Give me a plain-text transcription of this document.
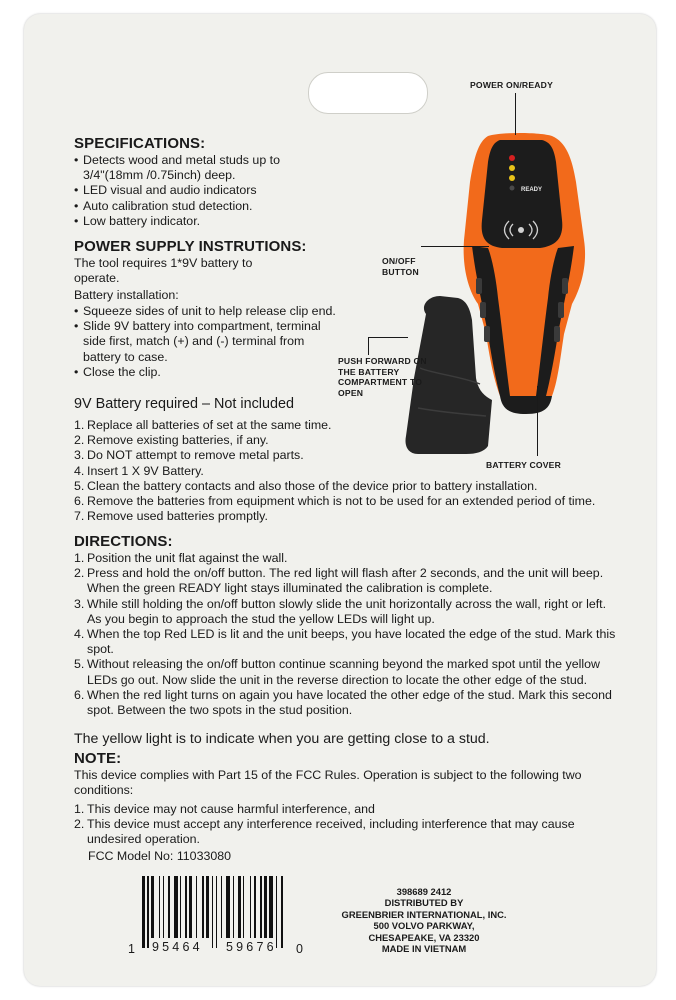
READY
POWER ON/READY
ON/OFF BUTTON
PUSH FORWARD ON THE BATTERY COMPARTMENT TO OPEN
BATTERY COVER
SPECIFICATIONS:
• Detects wood and metal studs up to 3/4"(18mm /0.75inch) deep.
• LED visual and audio indicators
• Auto calibration stud detection.
• Low battery indicator.
POWER SUPPLY INSTRUTIONS:
The tool requires 1*9V battery to operate.
Battery installation:
• Squeeze sides of unit to help release clip end.
• Slide 9V battery into compartment, terminal side first, match (+) and (-) terminal from battery to case.
• Close the clip.
9V Battery required – Not included
1. Replace all batteries of set at the same time.
2. Remove existing batteries, if any.
3. Do NOT attempt to remove metal parts.
4. Insert 1 X 9V Battery.
5. Clean the battery contacts and also those of the device prior to battery installation.
6. Remove the batteries from equipment which is not to be used for an extended period of time.
7. Remove used batteries promptly.
DIRECTIONS:
1. Position the unit flat against the wall.
2. Press and hold the on/off button. The red light will flash after 2 seconds, and the unit will beep. When the green READY light stays illuminated the calibration is complete.
3. While still holding the on/off button slowly slide the unit horizontally across the wall, right or left. As you begin to approach the stud the yellow LEDs will light up.
4. When the top Red LED is lit and the unit beeps, you have located the edge of the stud. Mark this spot.
5. Without releasing the on/off button continue scanning beyond the marked spot until the yellow LEDs go out. Now slide the unit in the reverse direction to locate the other edge of the stud.
6. When the red light turns on again you have located the other edge of the stud. Mark this second spot. Between the two spots in the stud position.
The yellow light is to indicate when you are getting close to a stud.
NOTE:
This device complies with Part 15 of the FCC Rules. Operation is subject to the following two conditions:
1. This device may not cause harmful interference, and
2. This device must accept any interference received, including interference that may cause undesired operation.
FCC Model No: 11033080
1 95464 59676 0
398689 2412
DISTRIBUTED BY
GREENBRIER INTERNATIONAL, INC.
500 VOLVO PARKWAY,
CHESAPEAKE, VA 23320
MADE IN VIETNAM
